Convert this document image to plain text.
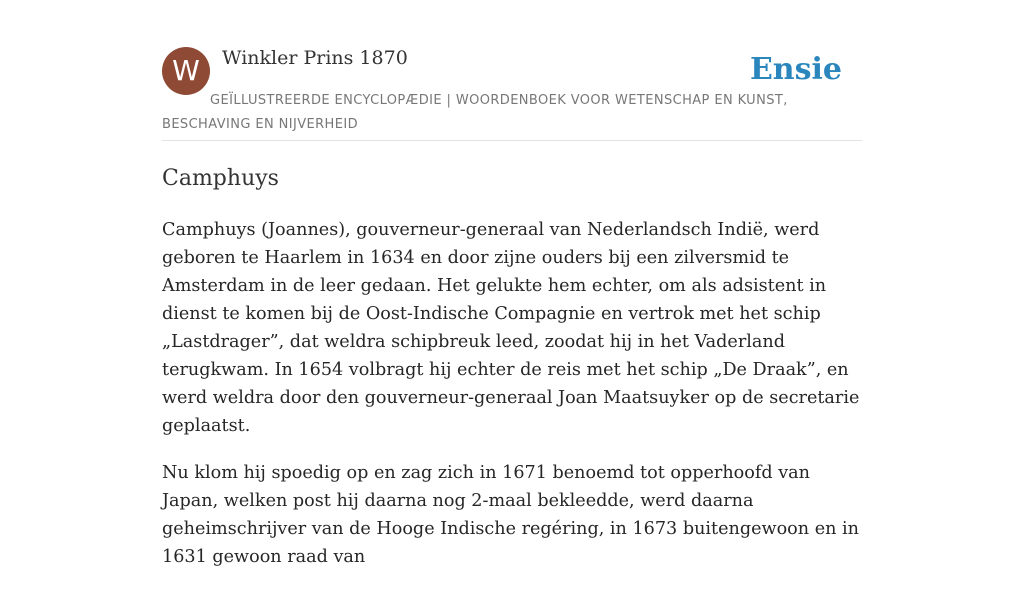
W	Winkler Prins 1870	Ensie
GEÏLLUSTREERDE ENCYCLOPÆDIE | WOORDENBOEK VOOR WETENSCHAP EN KUNST, BESCHAVING EN NIJVERHEID
Camphuys

Camphuys (Joannes), gouverneur-generaal van Nederlandsch Indië, werd geboren te Haarlem in 1634 en door zijne ouders bij een zilversmid te Amsterdam in de leer gedaan. Het gelukte hem echter, om als adsistent in dienst te komen bij de Oost-Indische Compagnie en vertrok met het schip „Lastdrager”, dat weldra schipbreuk leed, zoodat hij in het Vaderland terugkwam. In 1654 volbragt hij echter de reis met het schip „De Draak”, en werd weldra door den gouverneur-generaal Joan Maatsuyker op de secretarie geplaatst.

Nu klom hij spoedig op en zag zich in 1671 benoemd tot opperhoofd van Japan, welken post hij daarna nog 2-maal bekleedde, werd daarna geheimschrijver van de Hooge Indische regéring, in 1673 buitengewoon en in 1631 gewoon raad van
